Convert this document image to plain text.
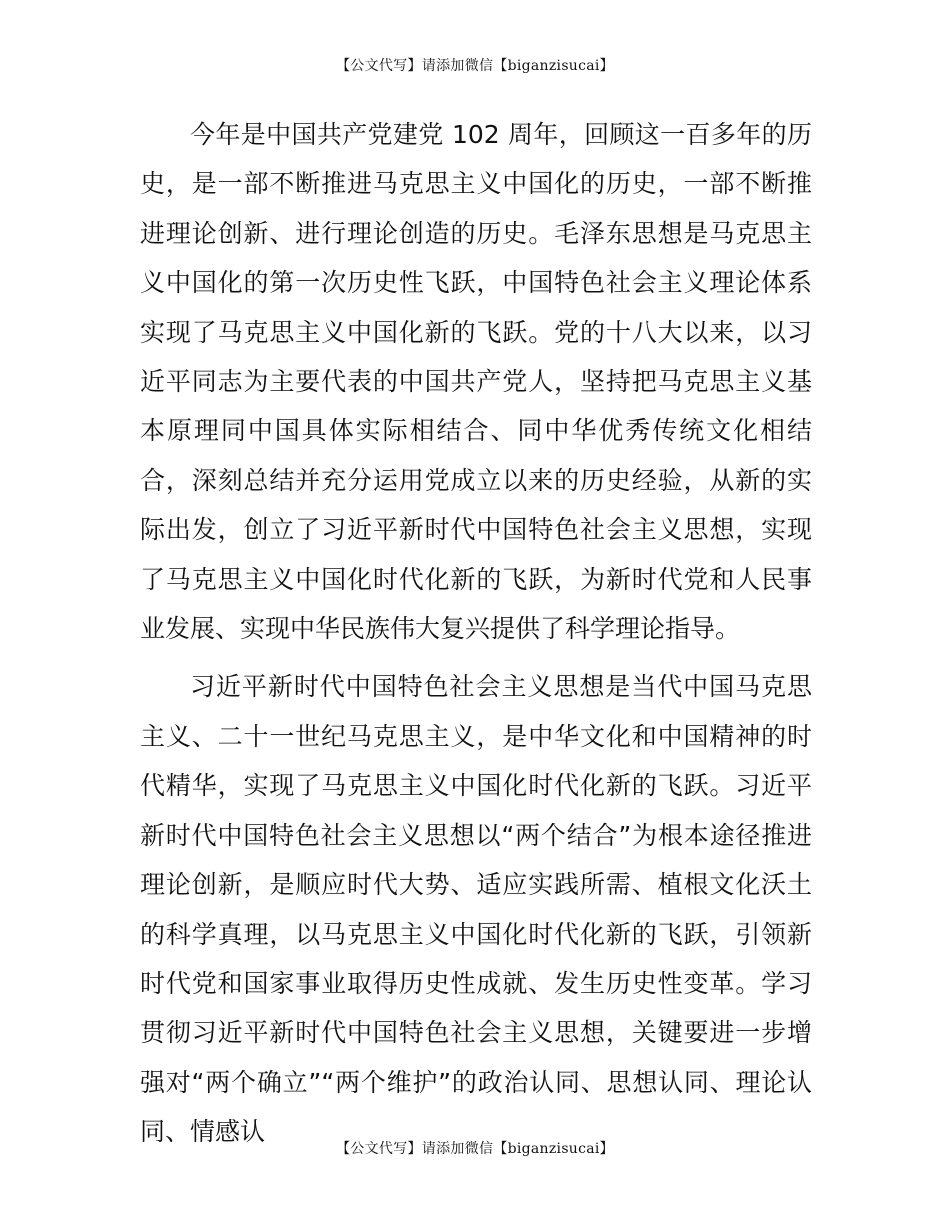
【公文代写】请添加微信【biganzisucai】

今年是中国共产党建党 102 周年，回顾这一百多年的历史，是一部不断推进马克思主义中国化的历史，一部不断推进理论创新、进行理论创造的历史。毛泽东思想是马克思主义中国化的第一次历史性飞跃，中国特色社会主义理论体系实现了马克思主义中国化新的飞跃。党的十八大以来，以习近平同志为主要代表的中国共产党人，坚持把马克思主义基本原理同中国具体实际相结合、同中华优秀传统文化相结合，深刻总结并充分运用党成立以来的历史经验，从新的实际出发，创立了习近平新时代中国特色社会主义思想，实现了马克思主义中国化时代化新的飞跃，为新时代党和人民事业发展、实现中华民族伟大复兴提供了科学理论指导。

习近平新时代中国特色社会主义思想是当代中国马克思主义、二十一世纪马克思主义，是中华文化和中国精神的时代精华，实现了马克思主义中国化时代化新的飞跃。习近平新时代中国特色社会主义思想以“两个结合”为根本途径推进理论创新，是顺应时代大势、适应实践所需、植根文化沃土的科学真理，以马克思主义中国化时代化新的飞跃，引领新时代党和国家事业取得历史性成就、发生历史性变革。学习贯彻习近平新时代中国特色社会主义思想，关键要进一步增强对“两个确立”“两个维护”的政治认同、思想认同、理论认同、情感认

【公文代写】请添加微信【biganzisucai】
